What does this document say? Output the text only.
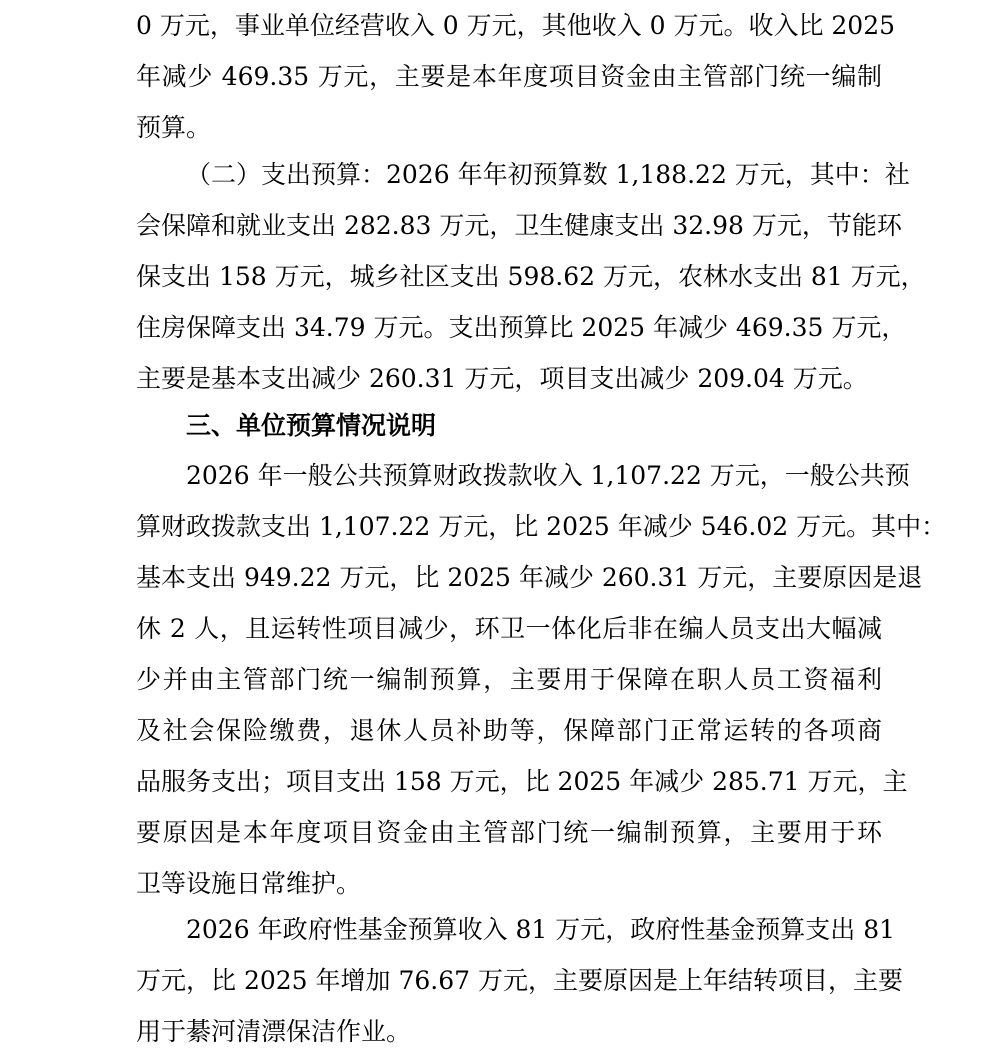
0 万元，事业单位经营收入 0 万元，其他收入 0 万元。收入比 2025
年减少 469.35 万元，主要是本年度项目资金由主管部门统一编制
预算。
（二）支出预算：2026 年年初预算数 1,188.22 万元，其中：社
会保障和就业支出 282.83 万元，卫生健康支出 32.98 万元，节能环
保支出 158 万元，城乡社区支出 598.62 万元，农林水支出 81 万元，
住房保障支出 34.79 万元。支出预算比 2025 年减少 469.35 万元，
主要是基本支出减少 260.31 万元，项目支出减少 209.04 万元。
三、单位预算情况说明
2026 年一般公共预算财政拨款收入 1,107.22 万元，一般公共预
算财政拨款支出 1,107.22 万元，比 2025 年减少 546.02 万元。其中：
基本支出 949.22 万元，比 2025 年减少 260.31 万元，主要原因是退
休 2 人，且运转性项目减少，环卫一体化后非在编人员支出大幅减
少并由主管部门统一编制预算，主要用于保障在职人员工资福利
及社会保险缴费，退休人员补助等，保障部门正常运转的各项商
品服务支出；项目支出 158 万元，比 2025 年减少 285.71 万元，主
要原因是本年度项目资金由主管部门统一编制预算，主要用于环
卫等设施日常维护。
2026 年政府性基金预算收入 81 万元，政府性基金预算支出 81
万元，比 2025 年增加 76.67 万元，主要原因是上年结转项目，主要
用于綦河清漂保洁作业。
